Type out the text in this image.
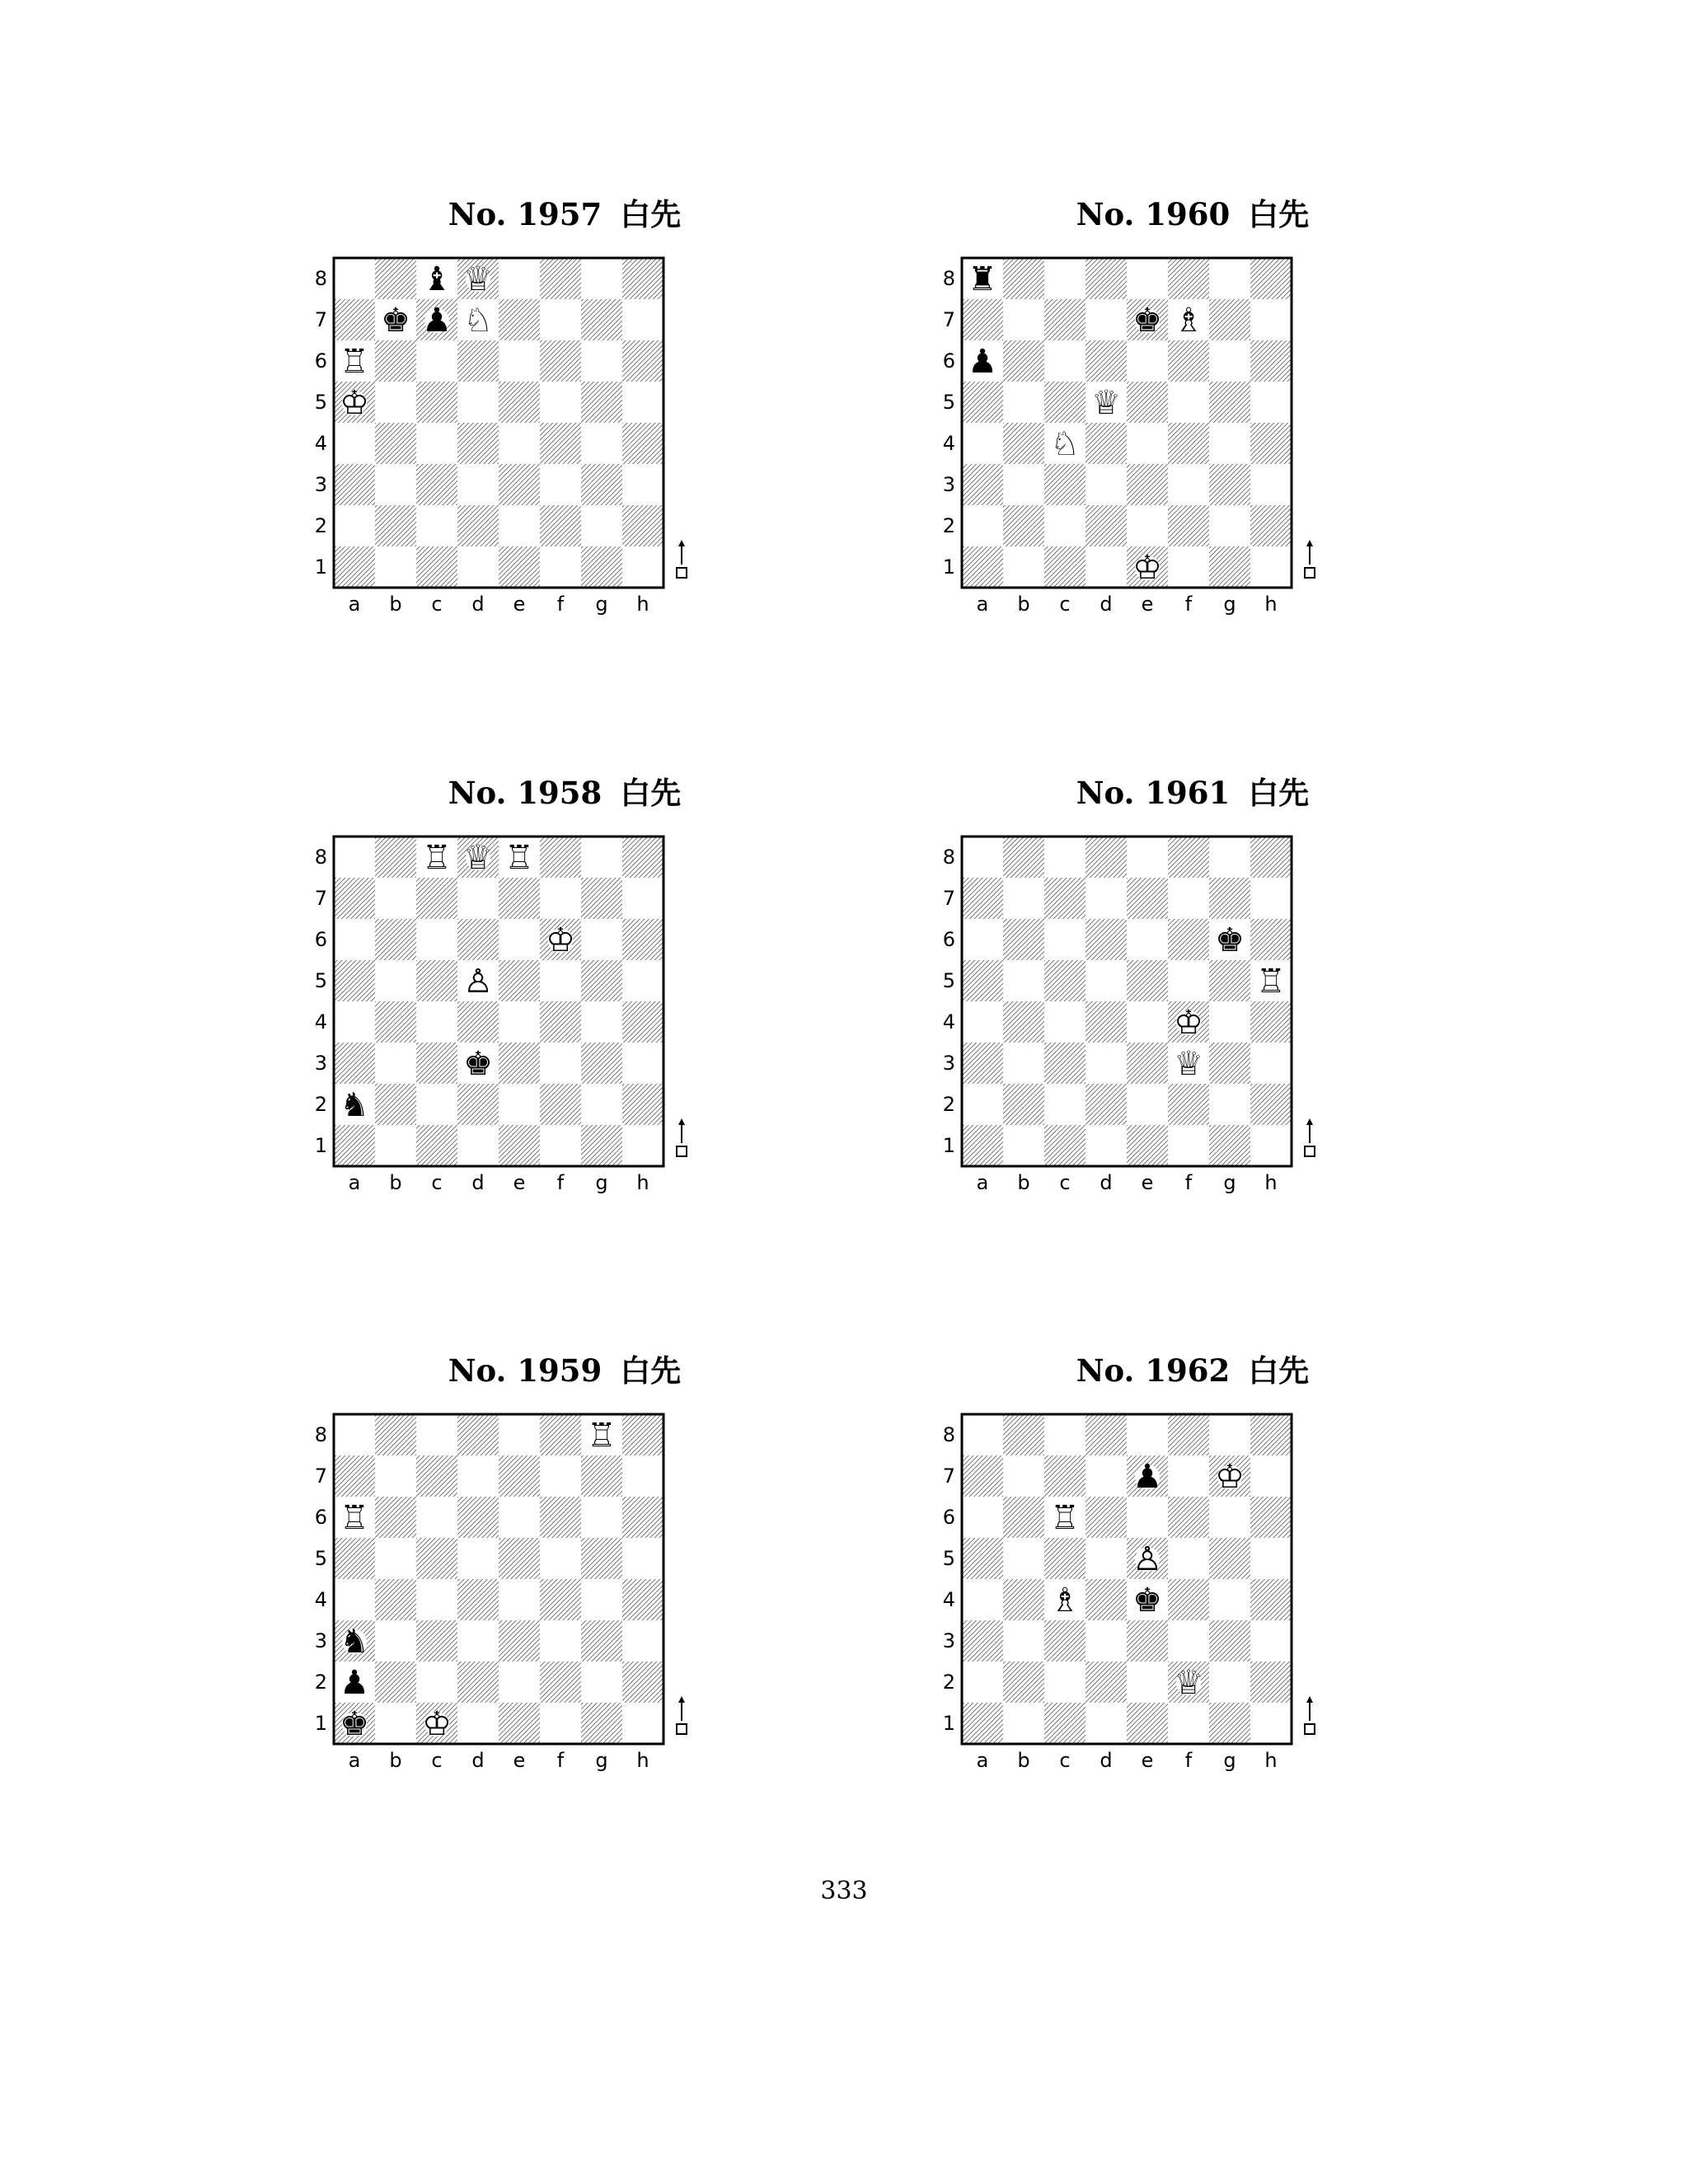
No. 1957 白先
1
2
3
4
5
6
7
8
a b c d e f g h
♝ ♕
♚ ♟ ♘
♖
♔
No. 1958 白先
1
2
3
4
5
6
7
8
a b c d e f g h
♖ ♕ ♖
♔
♙
♚
♞
No. 1959 白先
1
2
3
4
5
6
7
8
a b c d e f g h
♖
♖
♞
♟
♚ ♔
No. 1960 白先
1
2
3
4
5
6
7
8
a b c d e f g h
♜
♚ ♗
♟
♕
♘
♔
No. 1961 白先
1
2
3
4
5
6
7
8
a b c d e f g h
♚
♖
♔
♕
No. 1962 白先
1
2
3
4
5
6
7
8
a b c d e f g h
♟ ♔
♖
♙
♗ ♚
♕
333
